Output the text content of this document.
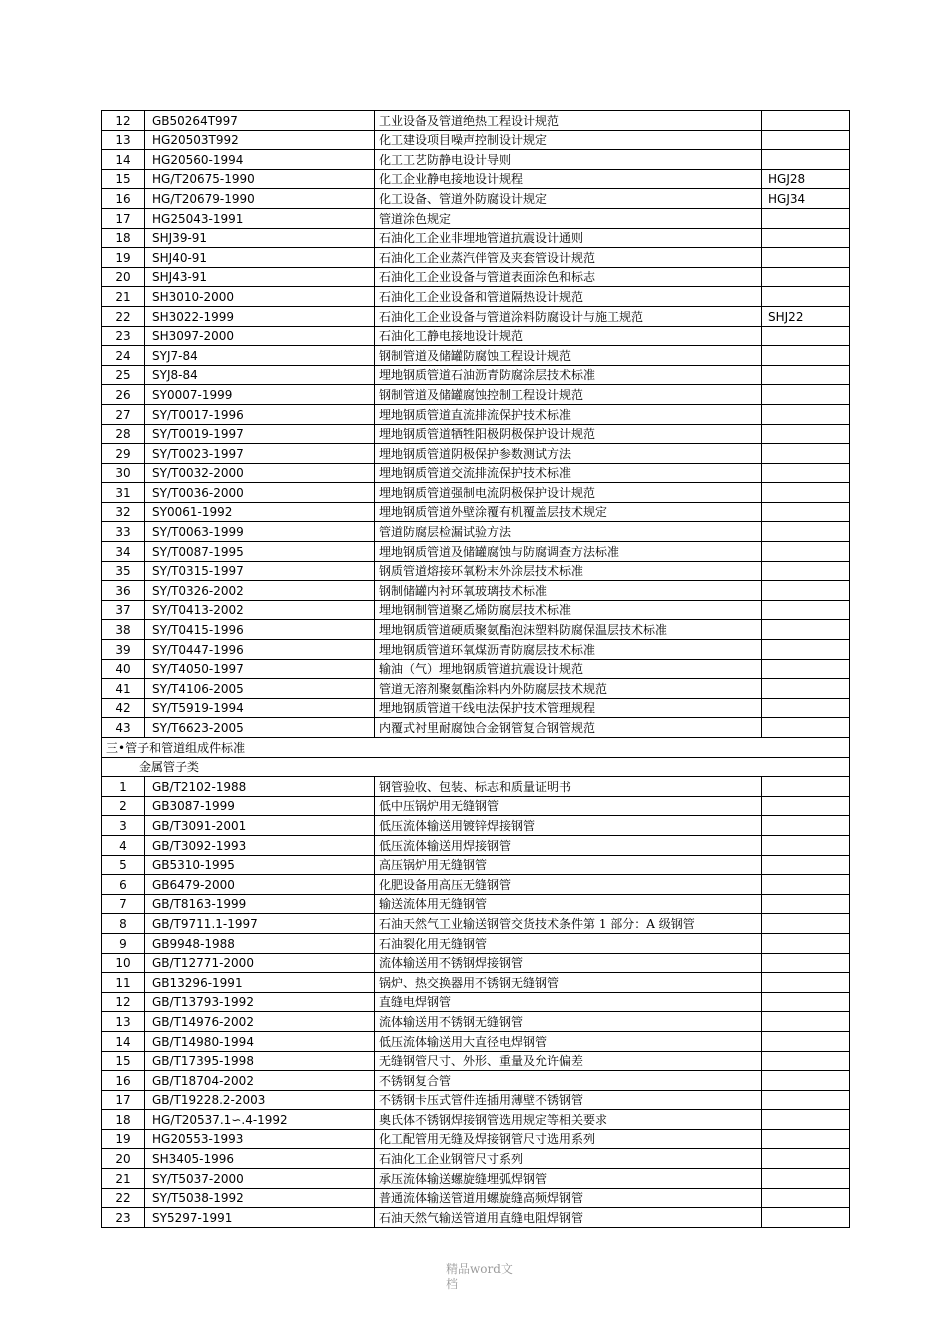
12	GB50264T997	工业设备及管道绝热工程设计规范	
13	HG20503T992	化工建设项目噪声控制设计规定	
14	HG20560-1994	化工工艺防静电设计导则	
15	HG/T20675-1990	化工企业静电接地设计规程	HGJ28
16	HG/T20679-1990	化工设备、管道外防腐设计规定	HGJ34
17	HG25043-1991	管道涂色规定	
18	SHJ39-91	石油化工企业非埋地管道抗震设计通则	
19	SHJ40-91	石油化工企业蒸汽伴管及夹套管设计规范	
20	SHJ43-91	石油化工企业设备与管道表面涂色和标志	
21	SH3010-2000	石油化工企业设备和管道隔热设计规范	
22	SH3022-1999	石油化工企业设备与管道涂料防腐设计与施工规范	SHJ22
23	SH3097-2000	石油化工静电接地设计规范	
24	SYJ7-84	钢制管道及储罐防腐蚀工程设计规范	
25	SYJ8-84	埋地钢质管道石油沥青防腐涂层技术标准	
26	SY0007-1999	钢制管道及储罐腐蚀控制工程设计规范	
27	SY/T0017-1996	埋地钢质管道直流排流保护技术标准	
28	SY/T0019-1997	埋地钢质管道牺牲阳极阴极保护设计规范	
29	SY/T0023-1997	埋地钢质管道阴极保护参数测试方法	
30	SY/T0032-2000	埋地钢质管道交流排流保护技术标准	
31	SY/T0036-2000	埋地钢质管道强制电流阴极保护设计规范	
32	SY0061-1992	埋地钢质管道外壁涂覆有机覆盖层技术规定	
33	SY/T0063-1999	管道防腐层检漏试验方法	
34	SY/T0087-1995	埋地钢质管道及储罐腐蚀与防腐调查方法标准	
35	SY/T0315-1997	钢质管道熔接环氧粉末外涂层技术标准	
36	SY/T0326-2002	钢制储罐内衬环氧玻璃技术标准	
37	SY/T0413-2002	埋地钢制管道聚乙烯防腐层技术标准	
38	SY/T0415-1996	埋地钢质管道硬质聚氨酯泡沫塑料防腐保温层技术标准	
39	SY/T0447-1996	埋地钢质管道环氧煤沥青防腐层技术标准	
40	SY/T4050-1997	输油（气）埋地钢质管道抗震设计规范	
41	SY/T4106-2005	管道无溶剂聚氨酯涂料内外防腐层技术规范	
42	SY/T5919-1994	埋地钢质管道干线电法保护技术管理规程	
43	SY/T6623-2005	内覆式衬里耐腐蚀合金钢管复合钢管规范	
三•管子和管道组成件标准			
金属管子类			
1	GB/T2102-1988	钢管验收、包装、标志和质量证明书	
2	GB3087-1999	低中压锅炉用无缝钢管	
3	GB/T3091-2001	低压流体输送用镀锌焊接钢管	
4	GB/T3092-1993	低压流体输送用焊接钢管	
5	GB5310-1995	高压锅炉用无缝钢管	
6	GB6479-2000	化肥设备用高压无缝钢管	
7	GB/T8163-1999	输送流体用无缝钢管	
8	GB/T9711.1-1997	石油天然气工业输送钢管交货技术条件第 1 部分：A 级钢管	
9	GB9948-1988	石油裂化用无缝钢管	
10	GB/T12771-2000	流体输送用不锈钢焊接钢管	
11	GB13296-1991	锅炉、热交换器用不锈钢无缝钢管	
12	GB/T13793-1992	直缝电焊钢管	
13	GB/T14976-2002	流体输送用不锈钢无缝钢管	
14	GB/T14980-1994	低压流体输送用大直径电焊钢管	
15	GB/T17395-1998	无缝钢管尺寸、外形、重量及允许偏差	
16	GB/T18704-2002	不锈钢复合管	
17	GB/T19228.2-2003	不锈钢卡压式管件连插用薄壁不锈钢管	
18	HG/T20537.1∽.4-1992	奥氏体不锈钢焊接钢管选用规定等相关要求	
19	HG20553-1993	化工配管用无缝及焊接钢管尺寸选用系列	
20	SH3405-1996	石油化工企业钢管尺寸系列	
21	SY/T5037-2000	承压流体输送螺旋缝埋弧焊钢管	
22	SY/T5038-1992	普通流体输送管道用螺旋缝高频焊钢管	
23	SY5297-1991	石油天然气输送管道用直缝电阻焊钢管	
精品word文
档
